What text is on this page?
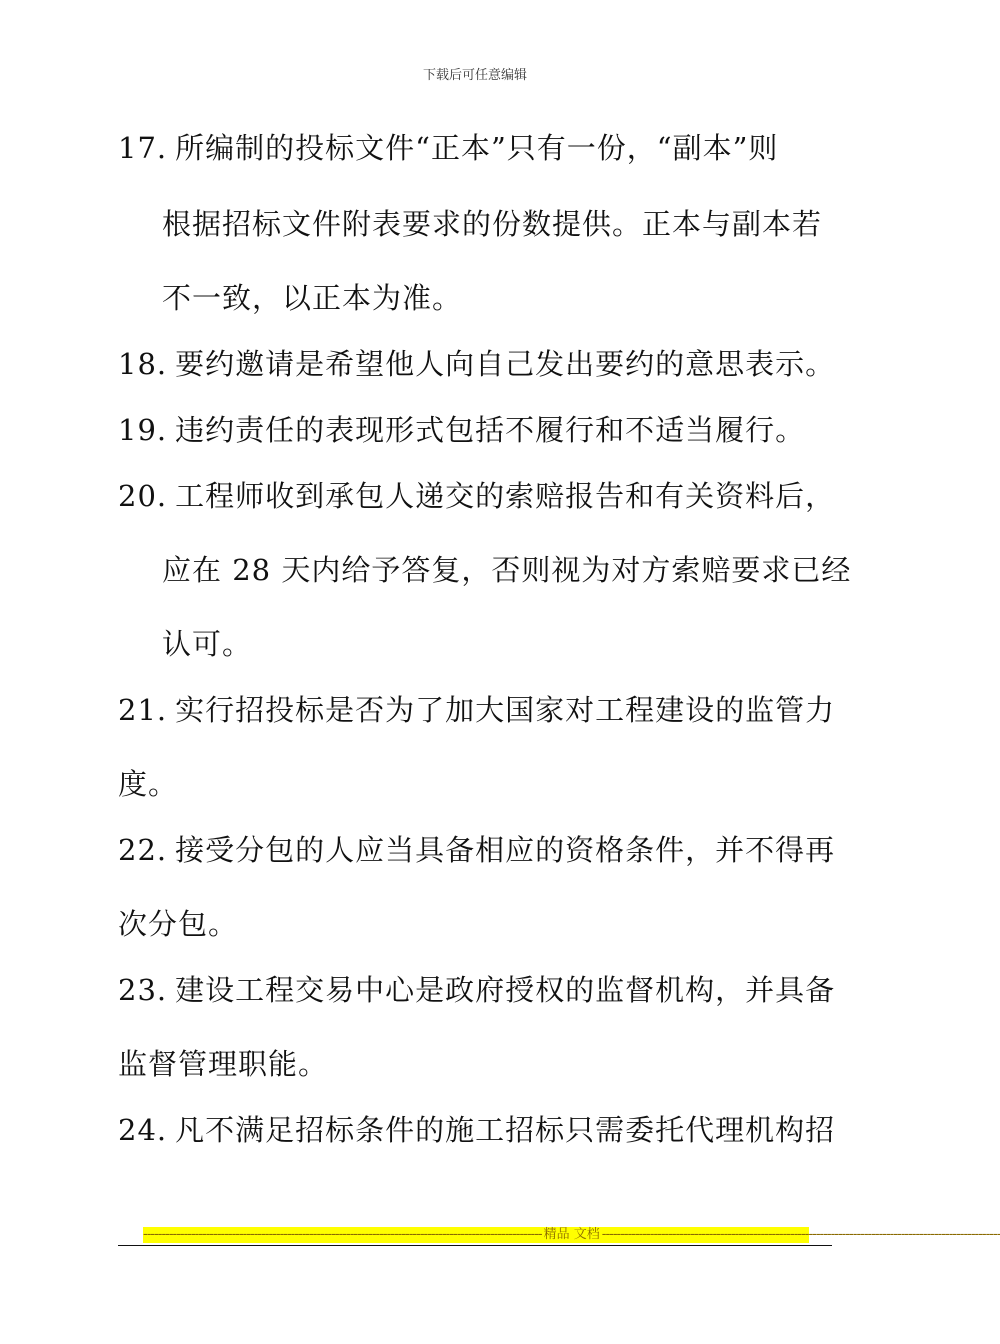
下载后可任意编辑
17. 所编制的投标文件“正本”只有一份，“副本”则
根据招标文件附表要求的份数提供。正本与副本若
不一致，以正本为准。
18. 要约邀请是希望他人向自己发出要约的意思表示。
19. 违约责任的表现形式包括不履行和不适当履行。
20. 工程师收到承包人递交的索赔报告和有关资料后，
应在 28 天内给予答复，否则视为对方索赔要求已经
认可。
21. 实行招投标是否为了加大国家对工程建设的监管力
度。
22. 接受分包的人应当具备相应的资格条件，并不得再
次分包。
23. 建设工程交易中心是政府授权的监督机构，并具备
监督管理职能。
24. 凡不满足招标条件的施工招标只需委托代理机构招
------------------------------------------------------------------------------------------------------------ 精品 文档 ------------------------------------------------------------------------------------------------------------
